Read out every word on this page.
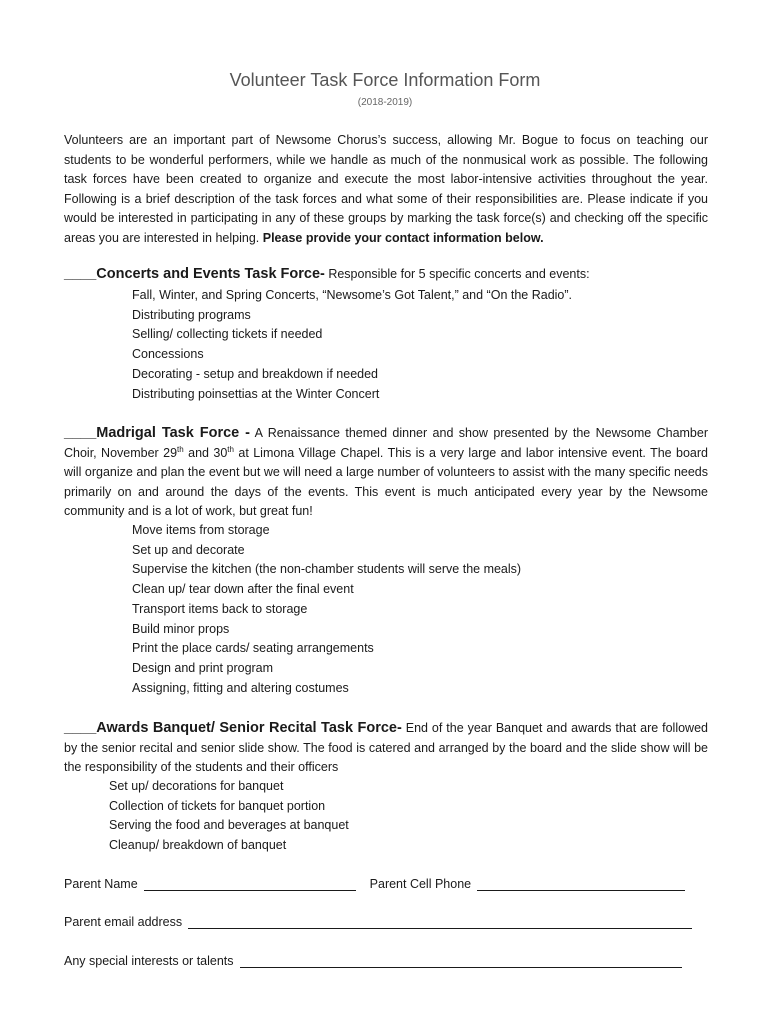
Volunteer Task Force Information Form
(2018-2019)
Volunteers are an important part of Newsome Chorus’s success, allowing Mr. Bogue to focus on teaching our students to be wonderful performers, while we handle as much of the nonmusical work as possible. The following task forces have been created to organize and execute the most labor-intensive activities throughout the year. Following is a brief description of the task forces and what some of their responsibilities are. Please indicate if you would be interested in participating in any of these groups by marking the task force(s) and checking off the specific areas you are interested in helping. Please provide your contact information below.
____Concerts and Events Task Force- Responsible for 5 specific concerts and events:
Fall, Winter, and Spring Concerts, “Newsome’s Got Talent,” and “On the Radio”.
Distributing programs
Selling/ collecting tickets if needed
Concessions
Decorating - setup and breakdown if needed
Distributing poinsettias at the Winter Concert
____Madrigal Task Force - A Renaissance themed dinner and show presented by the Newsome Chamber Choir, November 29th and 30th at Limona Village Chapel. This is a very large and labor intensive event. The board will organize and plan the event but we will need a large number of volunteers to assist with the many specific needs primarily on and around the days of the events. This event is much anticipated every year by the Newsome community and is a lot of work, but great fun!
Move items from storage
Set up and decorate
Supervise the kitchen (the non-chamber students will serve the meals)
Clean up/ tear down after the final event
Transport items back to storage
Build minor props
Print the place cards/ seating arrangements
Design and print program
Assigning, fitting and altering costumes
____Awards Banquet/ Senior Recital Task Force- End of the year Banquet and awards that are followed by the senior recital and senior slide show. The food is catered and arranged by the board and the slide show will be the responsibility of the students and their officers
Set up/ decorations for banquet
Collection of tickets for banquet portion
Serving the food and beverages at banquet
Cleanup/ breakdown of banquet
Parent Name	Parent Cell Phone
Parent email address
Any special interests or talents
